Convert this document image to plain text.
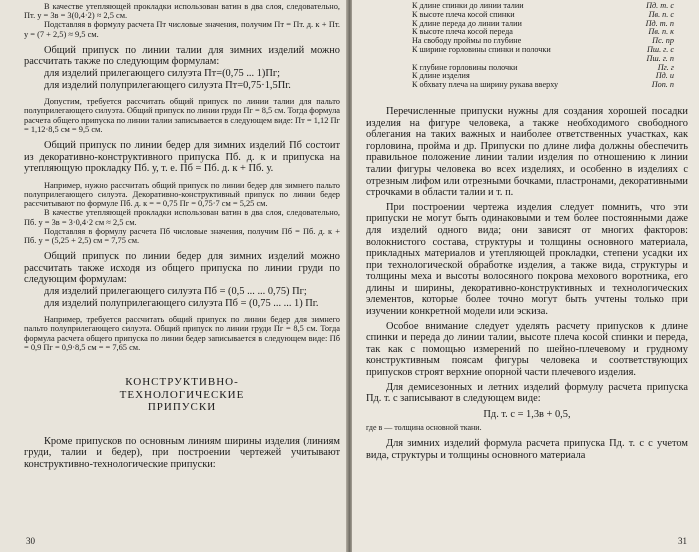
В качестве утепляющей прокладки использован ватин в два слоя, следовательно, Пт. у = 3в = 3(0,4·2) ≈ 2,5 см.

Подставляя в формулу расчета Пт числовые значения, получим Пт = Пт. д. к + Пт. у = (7 + 2,5) ≈ 9,5 см.

Общий припуск по линии талии для зимних изделий можно рассчитать также по следующим формулам:

для изделий прилегающего силуэта Пт=(0,75 ... 1)Пг;

для изделий полуприлегающего силуэта Пт=0,75·1,5Пг.

Допустим, требуется рассчитать общий припуск по линии талии для пальто полуприлегающего силуэта. Общий припуск по линии груди Пг = 8,5 см. Тогда формула расчета общего припуска по линии талии записывается в следующем виде: Пт = 1,12 Пг = 1,12·8,5 см = 9,5 см.

Общий припуск по линии бедер для зимних изделий Пб состоит из декоративно-конструктивного припуска Пб. д. к и припуска на утепляющую прокладку Пб. у, т. е. Пб = Пб. д. к + Пб. у.

Например, нужно рассчитать общий припуск по линии бедер для зимнего пальто полуприлегающего силуэта. Декоративно-конструктивный припуск по линии бедер рассчитывают по формуле Пб. д. к = = 0,75 Пг = 0,75·7 см = 5,25 см.

В качестве утепляющей прокладки использован ватин в два слоя, следовательно, Пб. у = 3в = 3·0,4·2 см ≈ 2,5 см.

Подставляя в формулу расчета Пб числовые значения, получим Пб = Пб. д. к + Пб. у = (5,25 + 2,5) см = 7,75 см.

Общий припуск по линии бедер для зимних изделий можно рассчитать также исходя из общего припуска по линии груди по следующим формулам:

для изделий прилегающего силуэта Пб = (0,5 ... ... 0,75) Пг;

для изделий полуприлегающего силуэта Пб = (0,75 ... ... 1) Пг.

Например, требуется рассчитать общий припуск по линии бедер для зимнего пальто полуприлегающего силуэта. Общий припуск по линии груди Пг = 8,5 см. Тогда формула расчета общего припуска по линии бедер записывается в следующем виде: Пб = 0,9 Пг = 0,9·8,5 см = = 7,65 см.

КОНСТРУКТИВНО-
ТЕХНОЛОГИЧЕСКИЕ
ПРИПУСКИ

Кроме припусков по основным линиям ширины изделия (линиям груди, талии и бедер), при построении чертежей учитывают конструктивно-технологические припуски:

30
К длине спинки до линии талии	Пд. т. с
К высоте плеча косой спинки	Пв. п. с
К длине переда до линии талии	Пд. т. п
К высоте плеча косой переда	Пв. п. к
На свободу проймы по глубине	Пс. пр
К ширине горловины спинки и полочки	Пш. г. с
Пш. г. п
К глубине горловины полочки	Пг. г
К длине изделия	Пд. и
К обхвату плеча на ширину рукава вверху	Поп. п

Перечисленные припуски нужны для создания хорошей посадки изделия на фигуре человека, а также необходимого свободного облегания на таких важных и наиболее ответственных участках, как горловина, пройма и др. Припуски по длине лифа должны обеспечить правильное положение линии талии изделия по отношению к линии талии фигуры человека во всех изделиях, и особенно в изделиях с отрезным лифом или отрезными бочками, пластронами, декоративными строчками в области талии и т. п.

При построении чертежа изделия следует помнить, что эти припуски не могут быть одинаковыми и тем более постоянными даже для изделий одного вида; они зависят от многих факторов: волокнистого состава, структуры и толщины основного материала, прикладных материалов и утепляющей прокладки, степени усадки их при технологической обработке изделия, а также вида, структуры и толщины меха и высоты волосяного покрова мехового воротника, его длины и ширины, декоративно-конструктивных и технологических элементов, которые более точно могут быть учтены только при изучении конкретной модели или эскиза.

Особое внимание следует уделять расчету припусков к длине спинки и переда до линии талии, высоте плеча косой спинки и переда, так как с помощью измерений по шейно-плечевому и грудному конструктивным поясам фигуры человека и соответствующих припусков строят верхние опорной части плечевого изделия.

Для демисезонных и летних изделий формулу расчета припуска Пд. т. с записывают в следующем виде:

Пд. т. с = 1,3в + 0,5,
где в — толщина основной ткани.

Для зимних изделий формула расчета припуска Пд. т. с с учетом вида, структуры и толщины основного материала

31
